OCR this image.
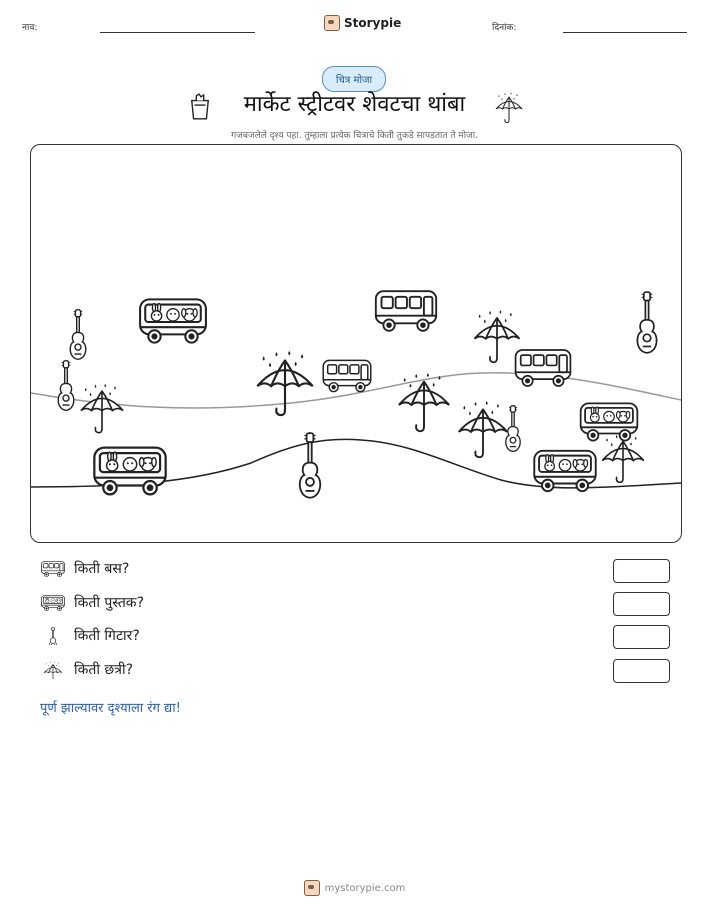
नाव:	Storypie	दिनांक:
चित्र मोजा
मार्केट स्ट्रीटवर शेवटचा थांबा
गजबजलेले दृश्य पहा. तुम्हाला प्रत्येक चित्राचे किती तुकडे सापडतात ते मोजा.
किती बस?
किती पुस्तक?
किती गिटार?
किती छत्री?
पूर्ण झाल्यावर दृश्याला रंग द्या!
mystorypie.com
